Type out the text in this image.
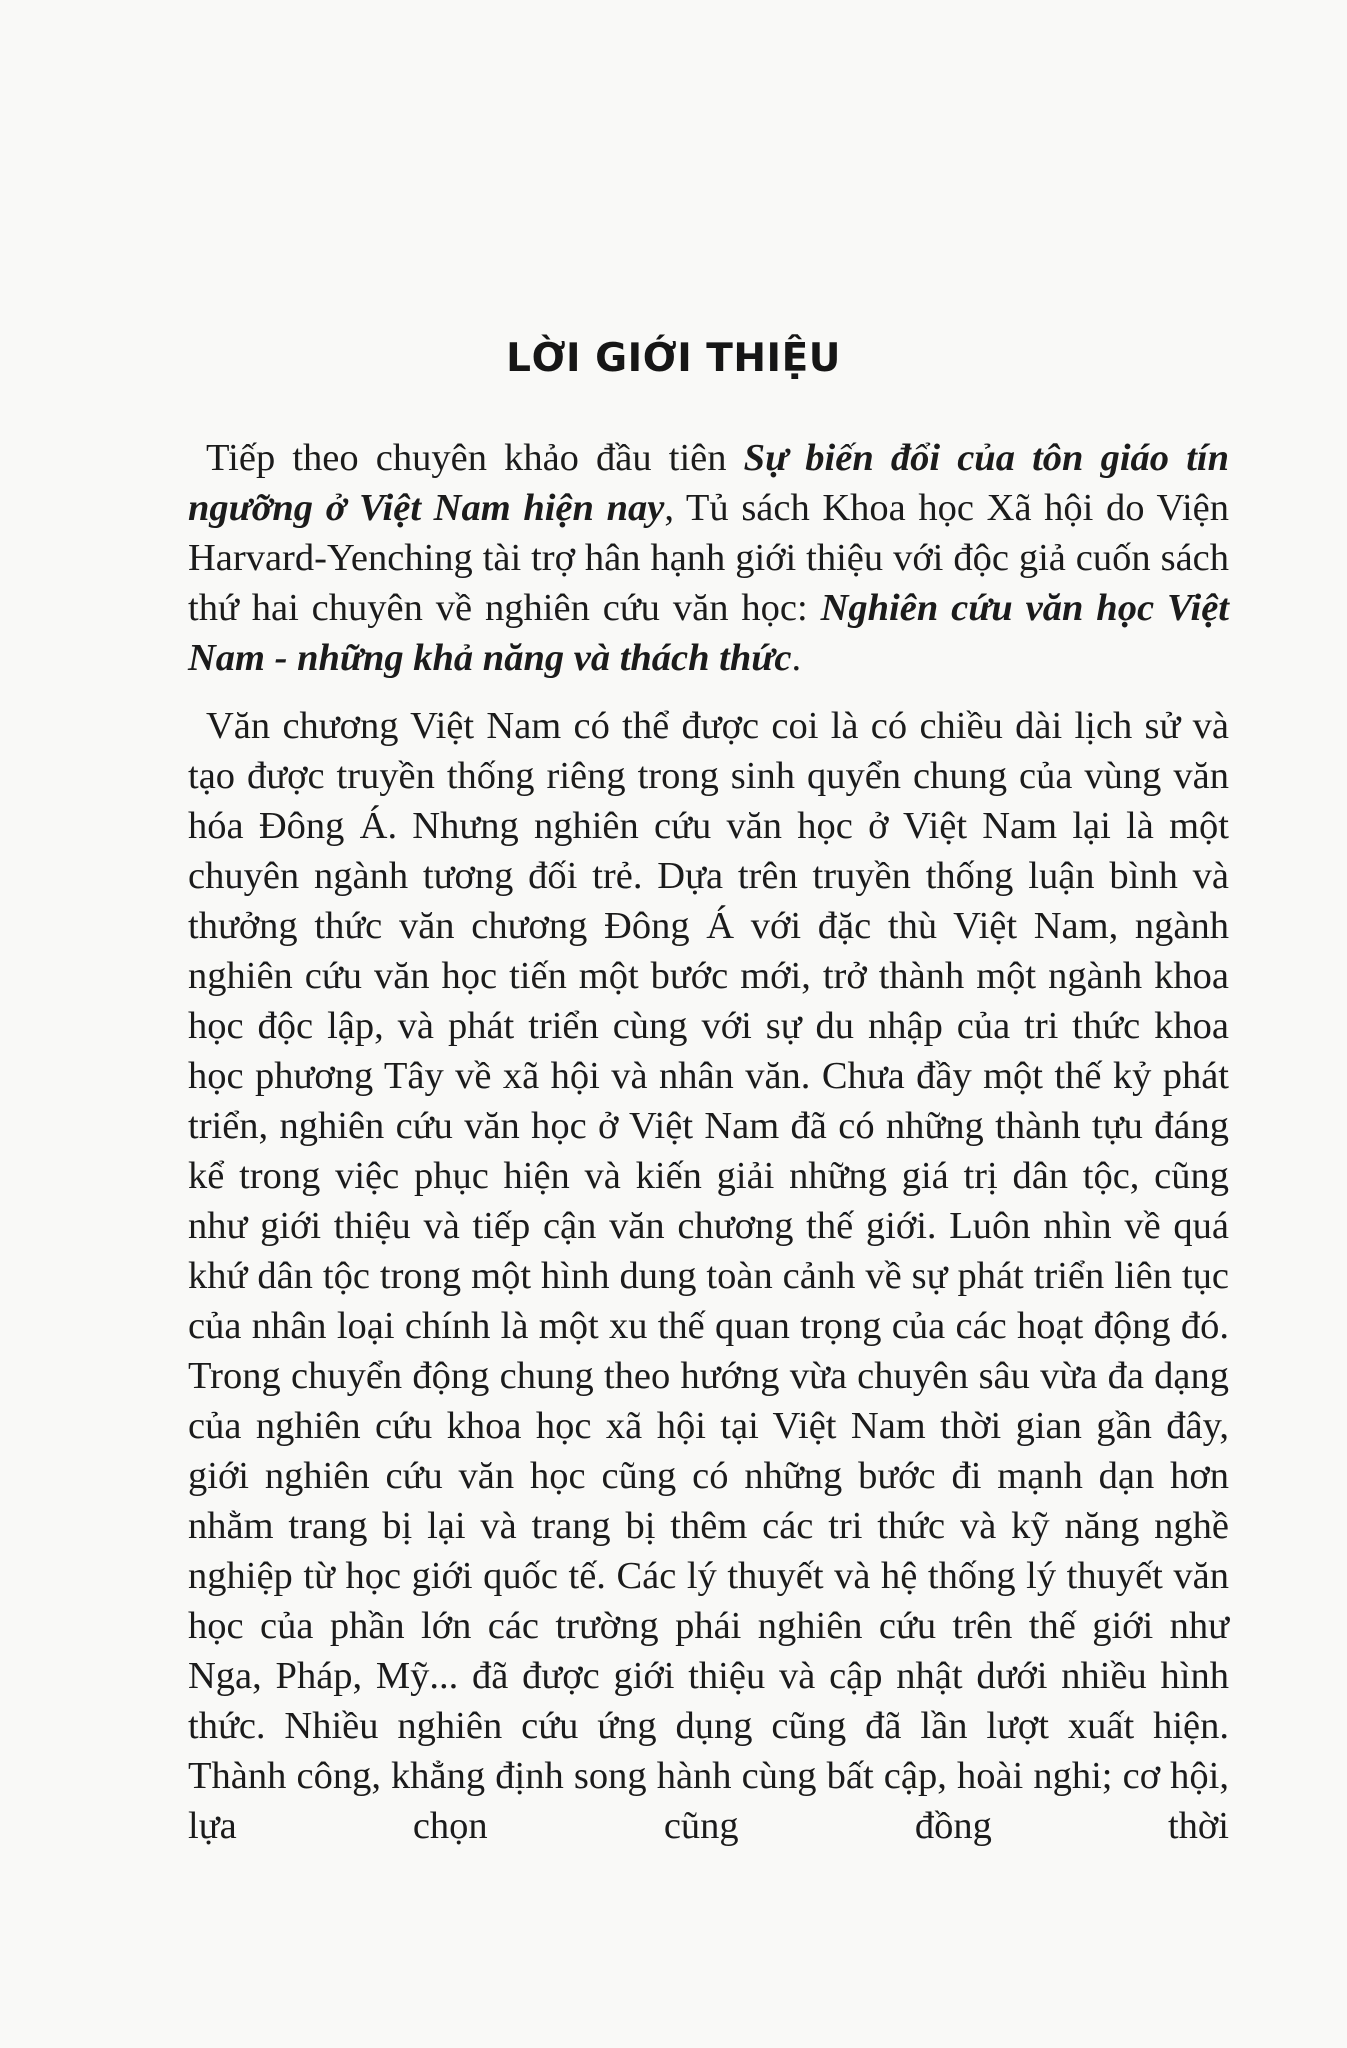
LỜI GIỚI THIỆU

Tiếp theo chuyên khảo đầu tiên Sự biến đổi của tôn giáo tín ngưỡng ở Việt Nam hiện nay, Tủ sách Khoa học Xã hội do Viện Harvard-Yenching tài trợ hân hạnh giới thiệu với độc giả cuốn sách thứ hai chuyên về nghiên cứu văn học: Nghiên cứu văn học Việt Nam - những khả năng và thách thức.

Văn chương Việt Nam có thể được coi là có chiều dài lịch sử và tạo được truyền thống riêng trong sinh quyển chung của vùng văn hóa Đông Á. Nhưng nghiên cứu văn học ở Việt Nam lại là một chuyên ngành tương đối trẻ. Dựa trên truyền thống luận bình và thưởng thức văn chương Đông Á với đặc thù Việt Nam, ngành nghiên cứu văn học tiến một bước mới, trở thành một ngành khoa học độc lập, và phát triển cùng với sự du nhập của tri thức khoa học phương Tây về xã hội và nhân văn. Chưa đầy một thế kỷ phát triển, nghiên cứu văn học ở Việt Nam đã có những thành tựu đáng kể trong việc phục hiện và kiến giải những giá trị dân tộc, cũng như giới thiệu và tiếp cận văn chương thế giới. Luôn nhìn về quá khứ dân tộc trong một hình dung toàn cảnh về sự phát triển liên tục của nhân loại chính là một xu thế quan trọng của các hoạt động đó. Trong chuyển động chung theo hướng vừa chuyên sâu vừa đa dạng của nghiên cứu khoa học xã hội tại Việt Nam thời gian gần đây, giới nghiên cứu văn học cũng có những bước đi mạnh dạn hơn nhằm trang bị lại và trang bị thêm các tri thức và kỹ năng nghề nghiệp từ học giới quốc tế. Các lý thuyết và hệ thống lý thuyết văn học của phần lớn các trường phái nghiên cứu trên thế giới như Nga, Pháp, Mỹ... đã được giới thiệu và cập nhật dưới nhiều hình thức. Nhiều nghiên cứu ứng dụng cũng đã lần lượt xuất hiện. Thành công, khẳng định song hành cùng bất cập, hoài nghi; cơ hội, lựa chọn cũng đồng thời
